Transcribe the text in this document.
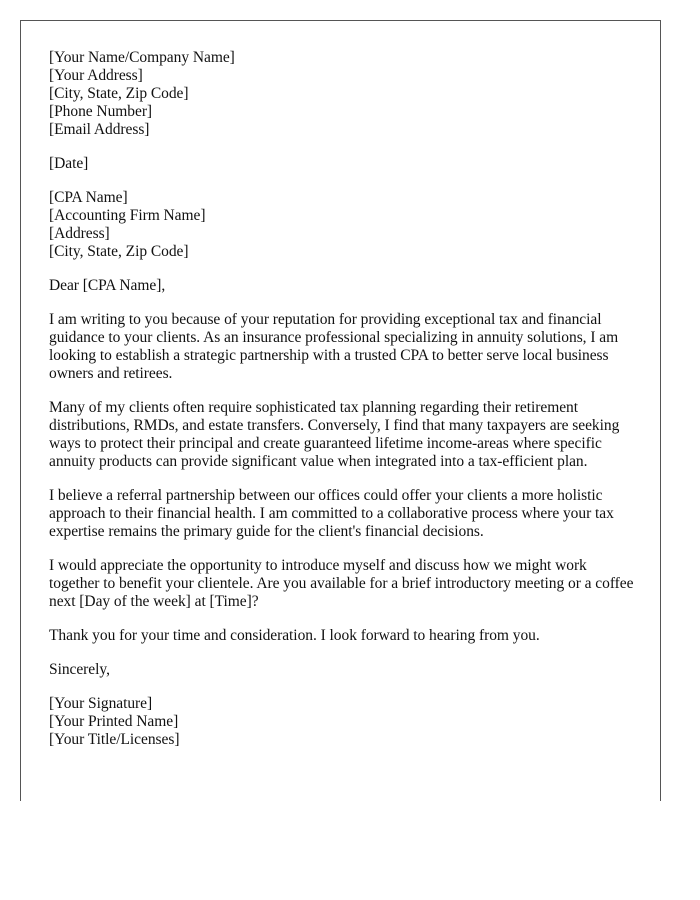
[Your Name/Company Name]
[Your Address]
[City, State, Zip Code]
[Phone Number]
[Email Address]
[Date]
[CPA Name]
[Accounting Firm Name]
[Address]
[City, State, Zip Code]

Dear [CPA Name],

I am writing to you because of your reputation for providing exceptional tax and financial guidance to your clients. As an insurance professional specializing in annuity solutions, I am looking to establish a strategic partnership with a trusted CPA to better serve local business owners and retirees.

Many of my clients often require sophisticated tax planning regarding their retirement distributions, RMDs, and estate transfers. Conversely, I find that many taxpayers are seeking ways to protect their principal and create guaranteed lifetime income-areas where specific annuity products can provide significant value when integrated into a tax-efficient plan.

I believe a referral partnership between our offices could offer your clients a more holistic approach to their financial health. I am committed to a collaborative process where your tax expertise remains the primary guide for the client's financial decisions.

I would appreciate the opportunity to introduce myself and discuss how we might work together to benefit your clientele. Are you available for a brief introductory meeting or a coffee next [Day of the week] at [Time]?

Thank you for your time and consideration. I look forward to hearing from you.

Sincerely,

[Your Signature]
[Your Printed Name]
[Your Title/Licenses]
